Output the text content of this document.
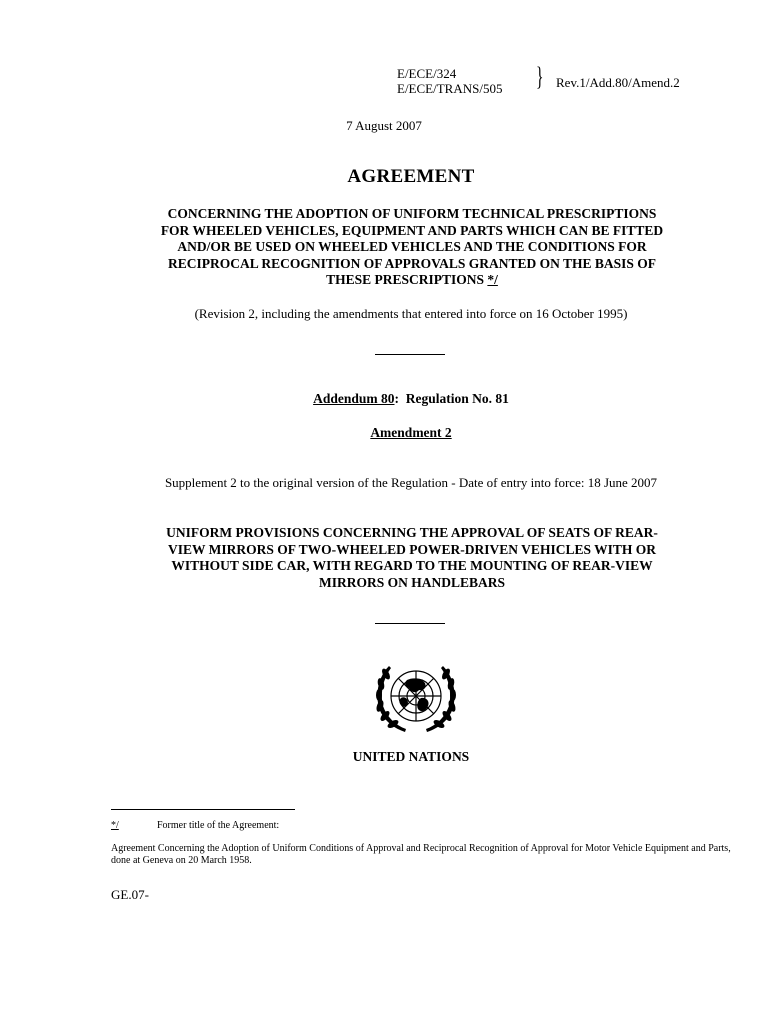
E/ECE/324
E/ECE/TRANS/505 } Rev.1/Add.80/Amend.2
7 August 2007
AGREEMENT
CONCERNING THE ADOPTION OF UNIFORM TECHNICAL PRESCRIPTIONS
FOR WHEELED VEHICLES, EQUIPMENT AND PARTS WHICH CAN BE FITTED
AND/OR BE USED ON WHEELED VEHICLES AND THE CONDITIONS FOR
RECIPROCAL RECOGNITION OF APPROVALS GRANTED ON THE BASIS OF
THESE PRESCRIPTIONS */
(Revision 2, including the amendments that entered into force on 16 October 1995)
Addendum 80: Regulation No. 81
Amendment 2
Supplement 2 to the original version of the Regulation - Date of entry into force: 18 June 2007
UNIFORM PROVISIONS CONCERNING THE APPROVAL OF SEATS OF REAR-
VIEW MIRRORS OF TWO-WHEELED POWER-DRIVEN VEHICLES WITH OR
WITHOUT SIDE CAR, WITH REGARD TO THE MOUNTING OF REAR-VIEW
MIRRORS ON HANDLEBARS
UNITED NATIONS
*/	Former title of the Agreement:
Agreement Concerning the Adoption of Uniform Conditions of Approval and Reciprocal Recognition of Approval for Motor Vehicle Equipment and Parts, done at Geneva on 20 March 1958.
GE.07-
